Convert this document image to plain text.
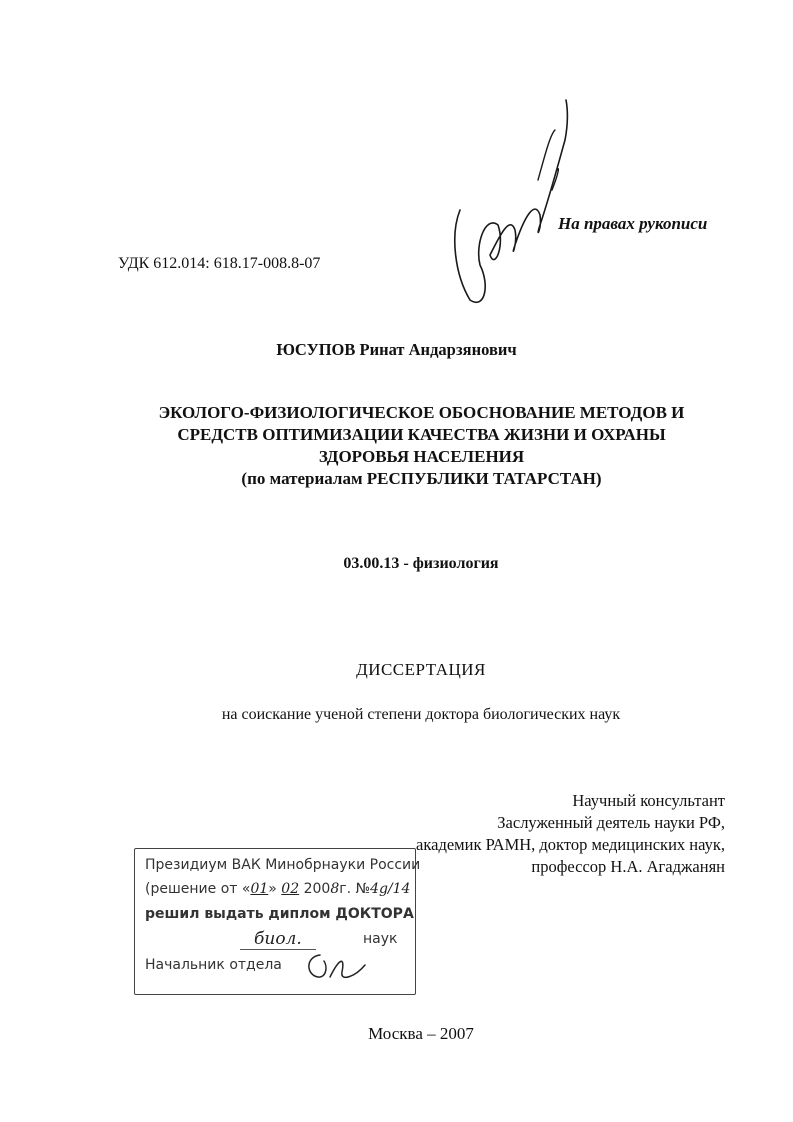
На правах рукописи
УДК 612.014: 618.17-008.8-07
ЮСУПОВ Ринат Андарзянович
ЭКОЛОГО-ФИЗИОЛОГИЧЕСКОЕ ОБОСНОВАНИЕ МЕТОДОВ И
СРЕДСТВ ОПТИМИЗАЦИИ КАЧЕСТВА ЖИЗНИ И ОХРАНЫ
ЗДОРОВЬЯ НАСЕЛЕНИЯ
(по материалам РЕСПУБЛИКИ ТАТАРСТАН)
03.00.13 - физиология
ДИССЕРТАЦИЯ
на соискание ученой степени доктора биологических наук
Научный консультант
Заслуженный деятель науки РФ,
академик РАМН, доктор медицинских наук,
профессор Н.А. Агаджанян
Президиум ВАК Минобрнауки России
(решение от «01» 02 2008г. №4g/14
решил выдать диплом ДОКТОРА
биол.	наук
Начальник отдела
Москва – 2007
